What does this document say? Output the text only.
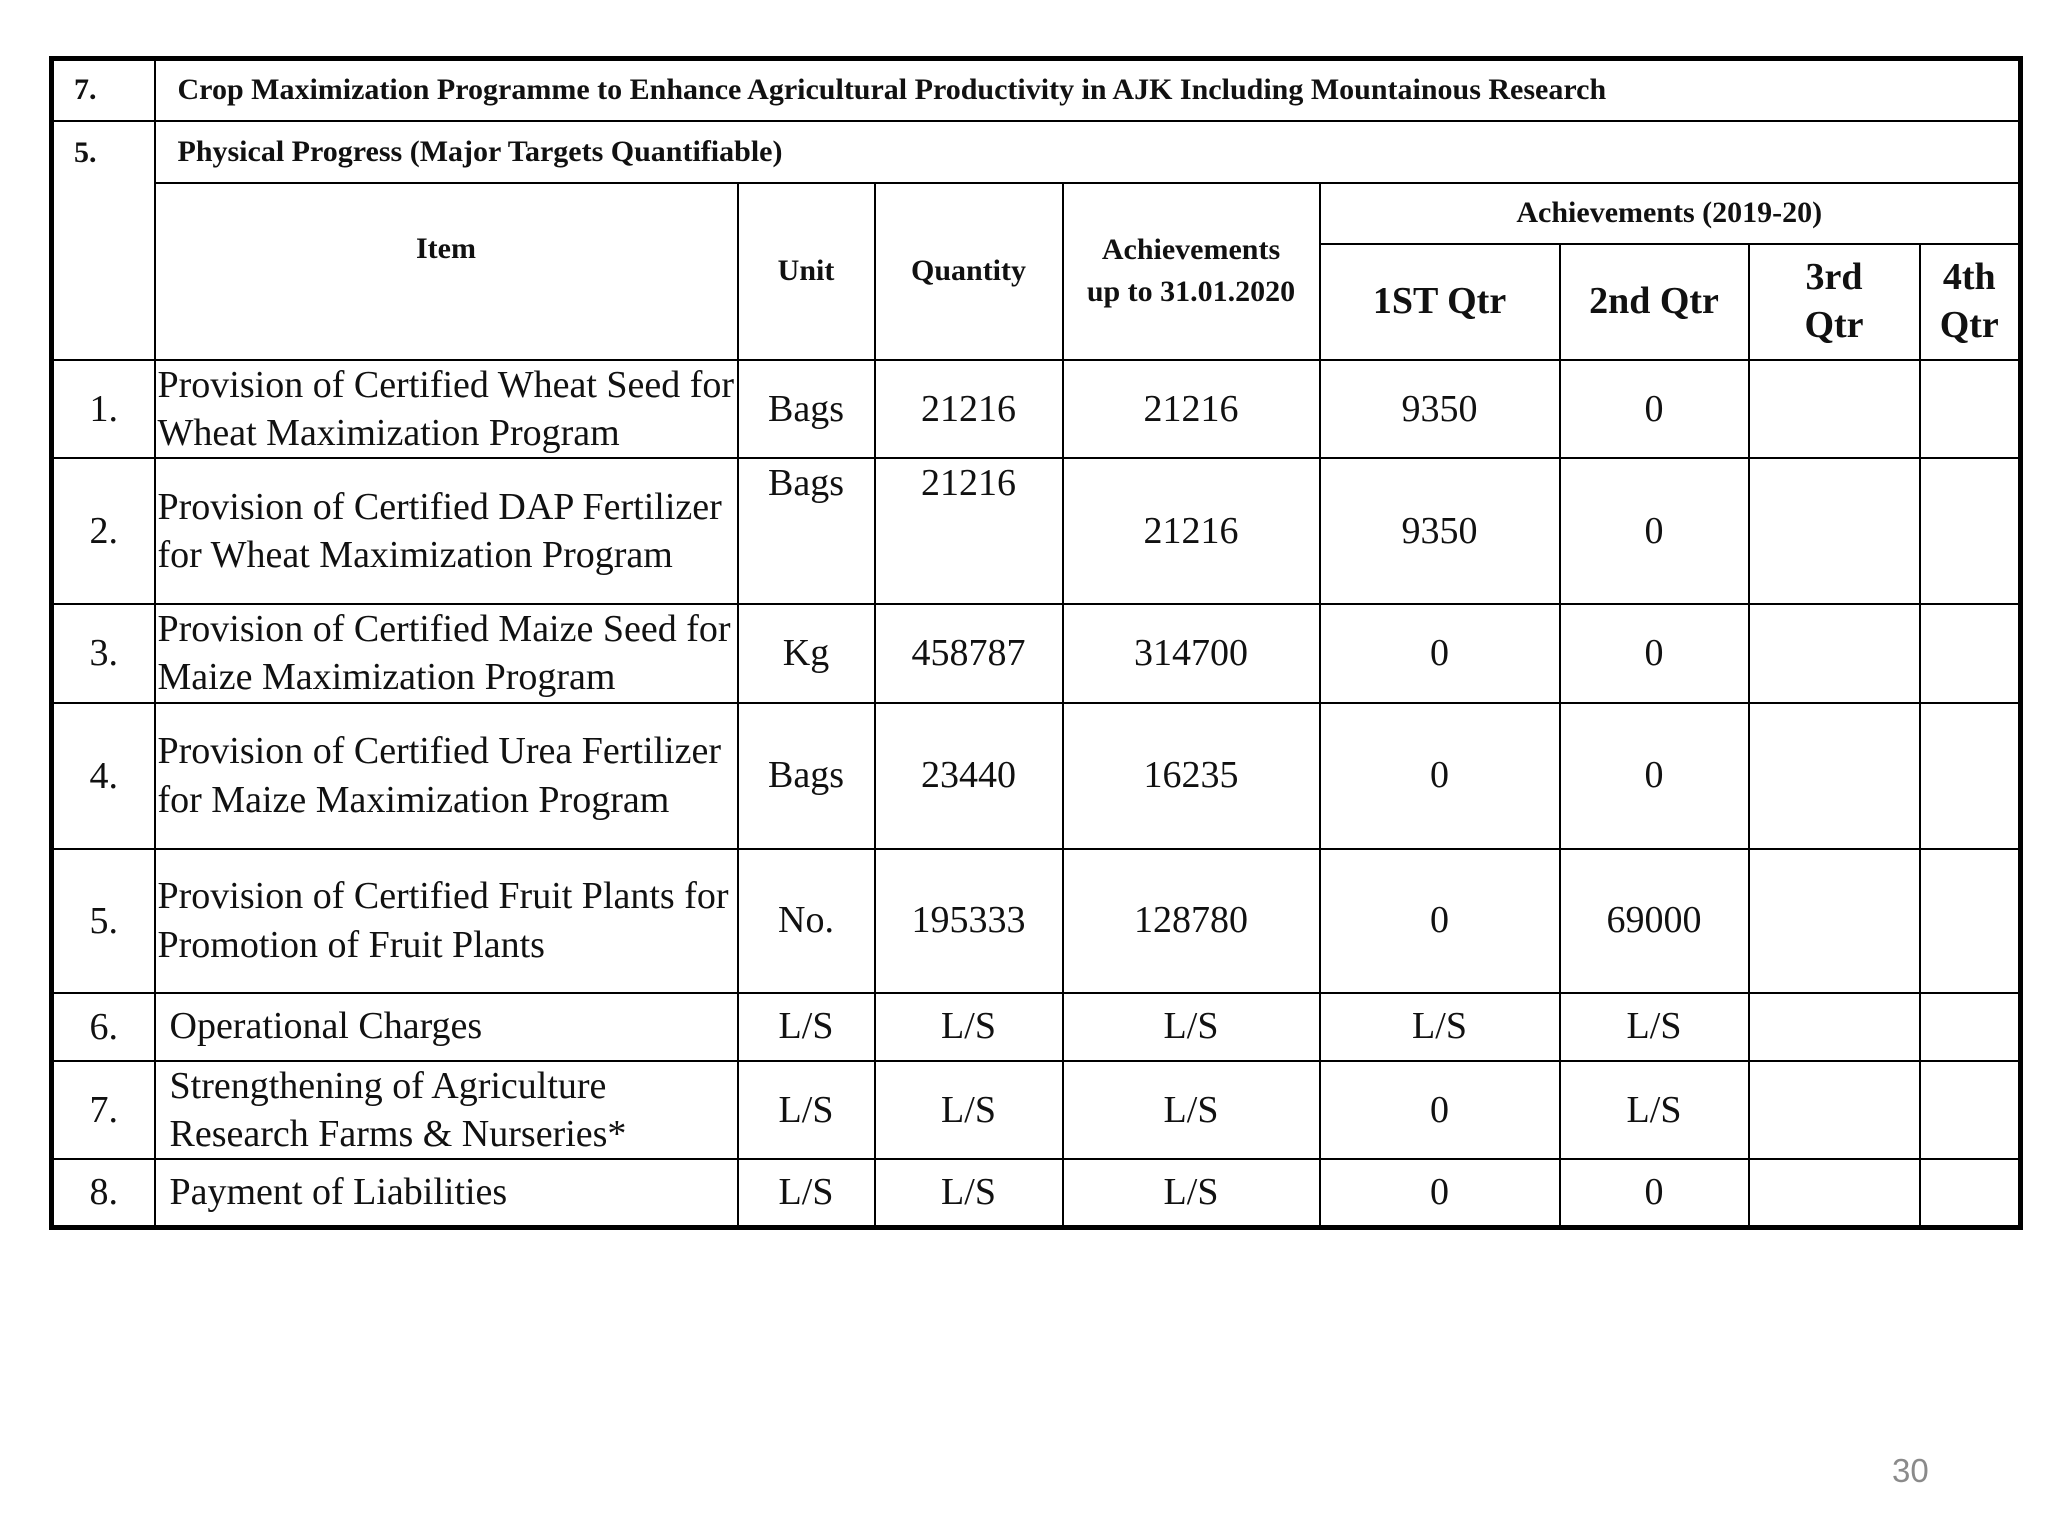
7.	Crop Maximization Programme to Enhance Agricultural Productivity in AJK Including Mountainous Research							
5.	Physical Progress (Major Targets Quantifiable)							
	Item	Unit	Quantity	Achievements up to 31.01.2020	Achievements (2019-20)			
					1ST Qtr	2nd Qtr	3rd Qtr	4th Qtr
1.	Provision of Certified Wheat Seed for Wheat Maximization Program	Bags	21216	21216	9350	0		
2.	Provision of Certified DAP Fertilizer for Wheat Maximization Program	Bags	21216	21216	9350	0		
3.	Provision of Certified Maize Seed for Maize Maximization Program	Kg	458787	314700	0	0		
4.	Provision of Certified Urea Fertilizer for Maize Maximization Program	Bags	23440	16235	0	0		
5.	Provision of Certified Fruit Plants for Promotion of Fruit Plants	No.	195333	128780	0	69000		
6.	Operational Charges	L/S	L/S	L/S	L/S	L/S		
7.	Strengthening of Agriculture Research Farms & Nurseries*	L/S	L/S	L/S	0	L/S		
8.	Payment of Liabilities	L/S	L/S	L/S	0	0		
30
